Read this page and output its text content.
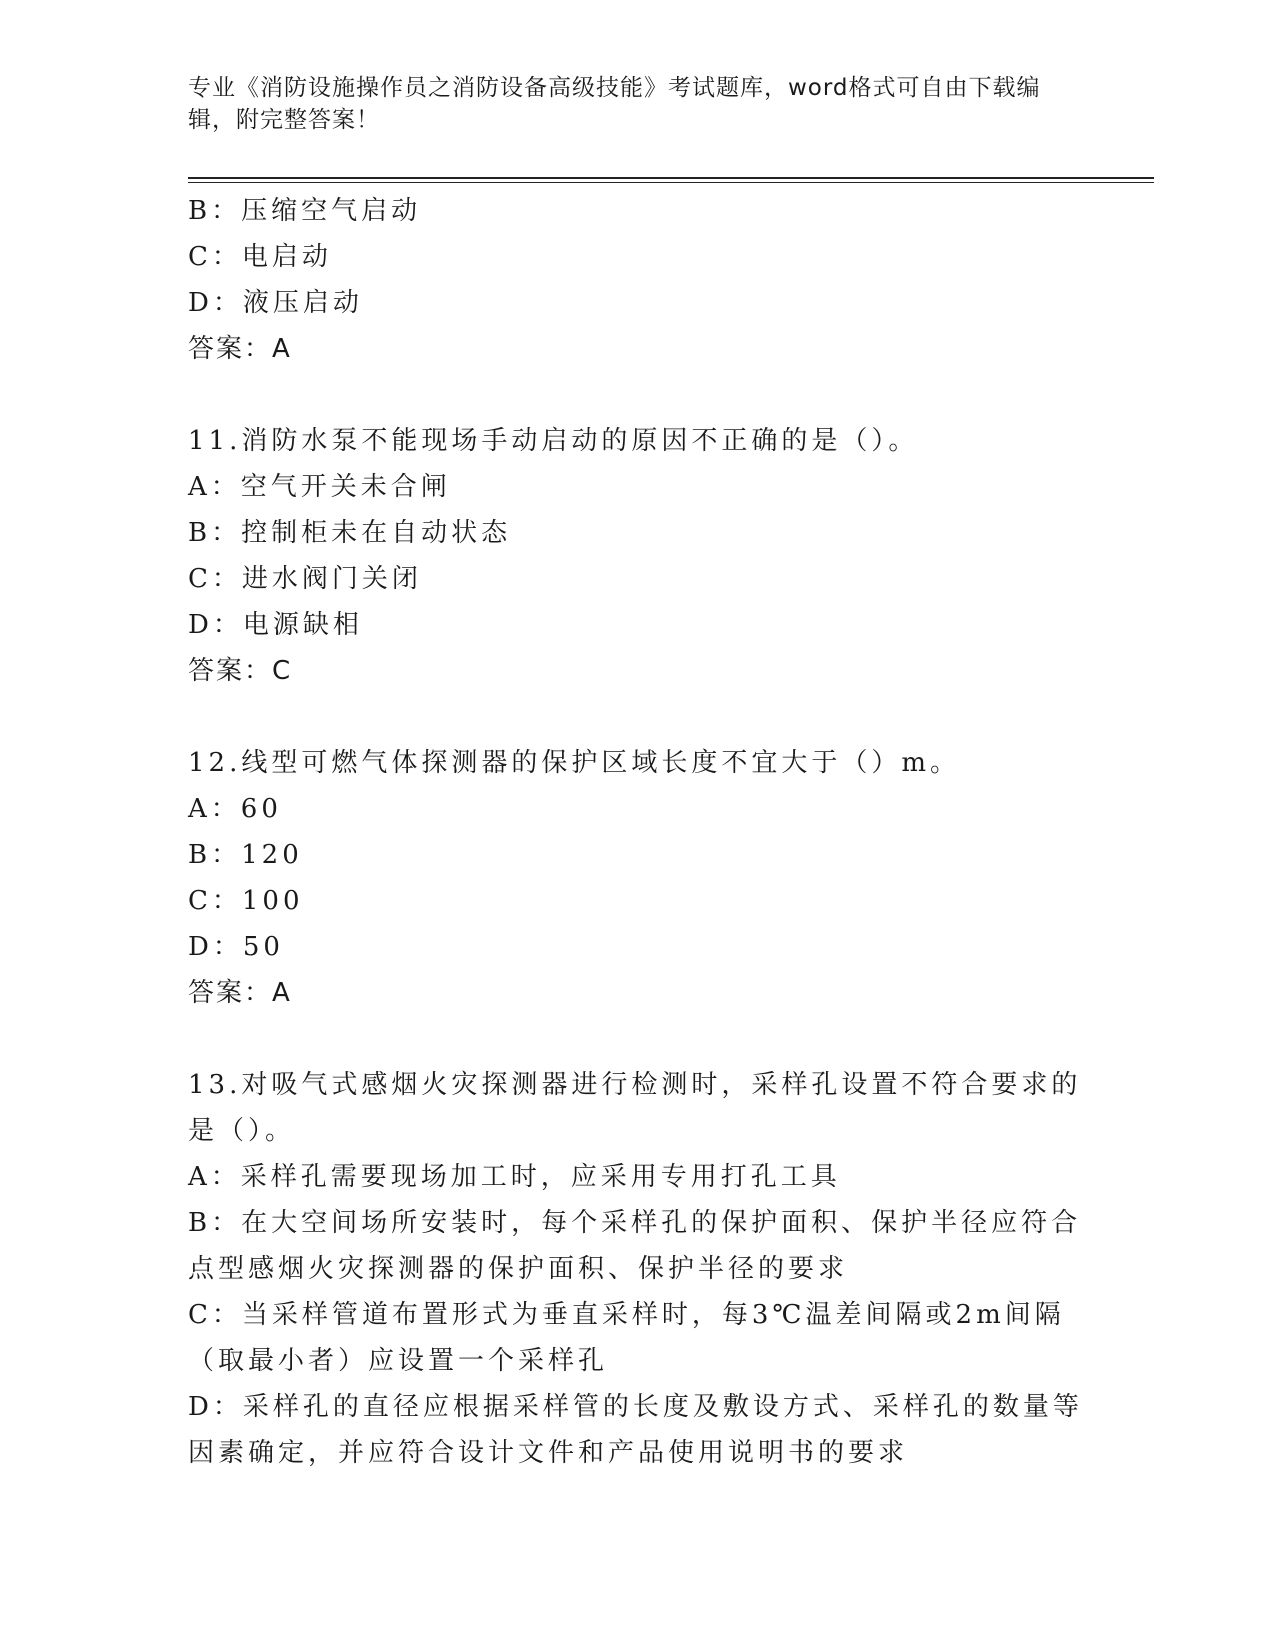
专业《消防设施操作员之消防设备高级技能》考试题库，word格式可自由下载编辑，附完整答案！
B：压缩空气启动
C：电启动
D：液压启动
答案：A
11.消防水泵不能现场手动启动的原因不正确的是（）。
A：空气开关未合闸
B：控制柜未在自动状态
C：进水阀门关闭
D：电源缺相
答案：C
12.线型可燃气体探测器的保护区域长度不宜大于（）m。
A：60
B：120
C：100
D：50
答案：A
13.对吸气式感烟火灾探测器进行检测时，采样孔设置不符合要求的是（）。
A：采样孔需要现场加工时，应采用专用打孔工具
B：在大空间场所安装时，每个采样孔的保护面积、保护半径应符合点型感烟火灾探测器的保护面积、保护半径的要求
C：当采样管道布置形式为垂直采样时，每3℃温差间隔或2m间隔（取最小者）应设置一个采样孔
D：采样孔的直径应根据采样管的长度及敷设方式、采样孔的数量等因素确定，并应符合设计文件和产品使用说明书的要求
